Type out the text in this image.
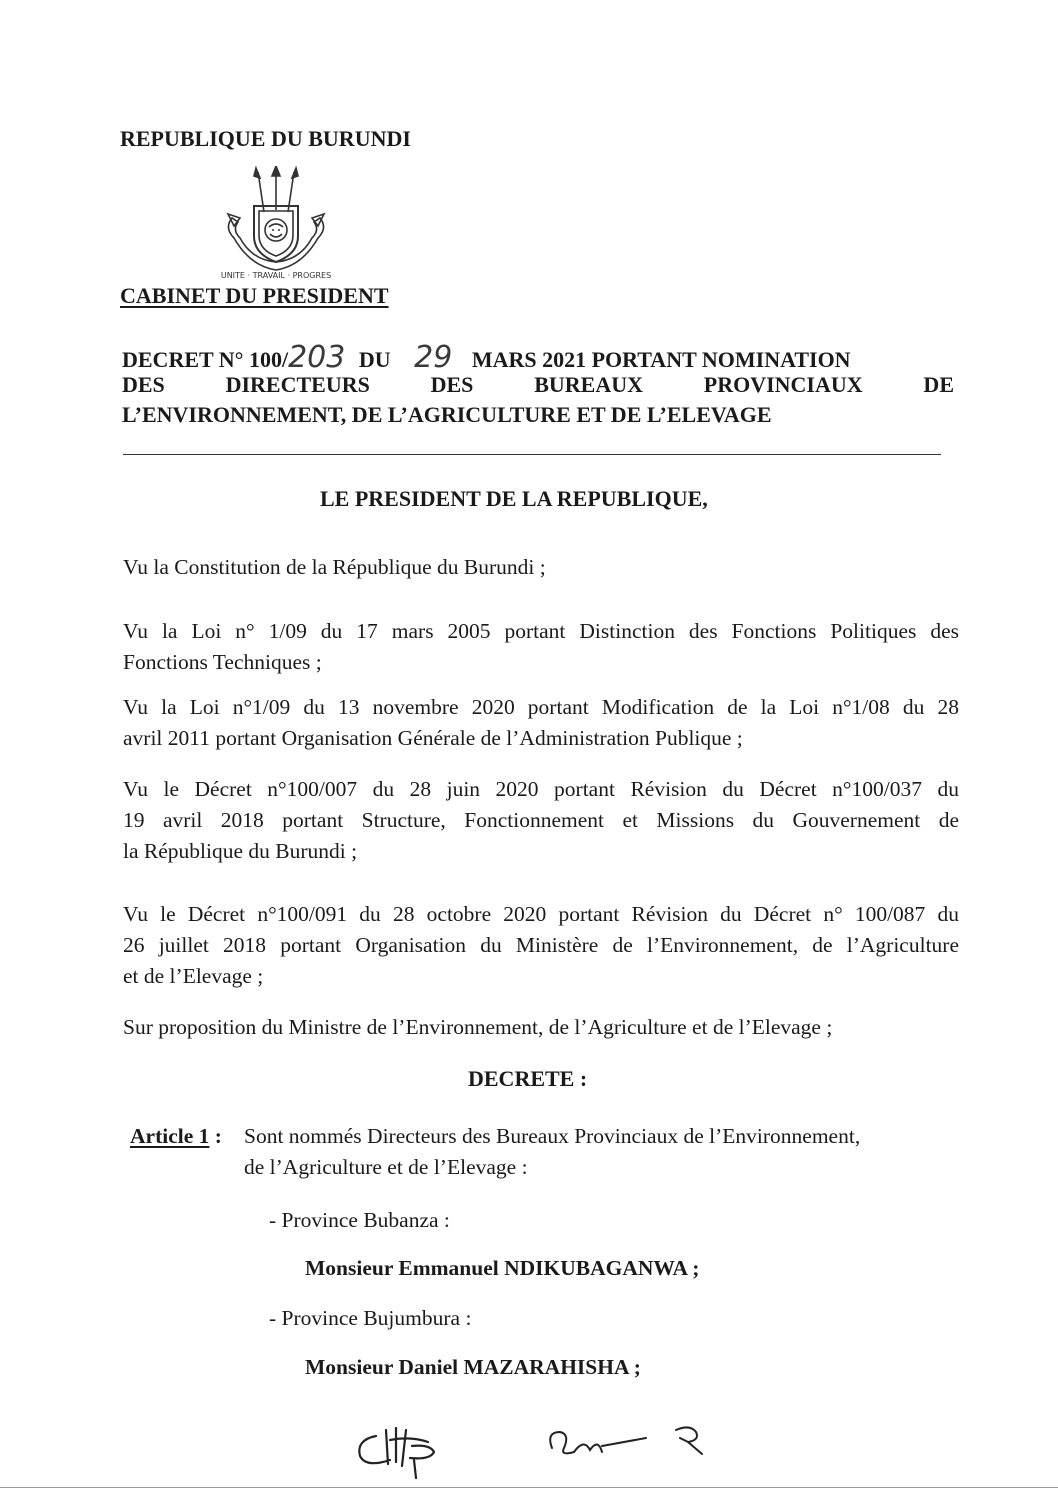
REPUBLIQUE DU BURUNDI
UNITE · TRAVAIL · PROGRES
CABINET DU PRESIDENT
DECRET N° 100/203 DU 29 MARS 2021 PORTANT NOMINATION
DES DIRECTEURS DES BUREAUX PROVINCIAUX DE
L’ENVIRONNEMENT, DE L’AGRICULTURE ET DE L’ELEVAGE
LE PRESIDENT DE LA REPUBLIQUE,
Vu la Constitution de la République du Burundi ;
Vu la Loi n° 1/09 du 17 mars 2005 portant Distinction des Fonctions Politiques des
Fonctions Techniques ;
Vu la Loi n°1/09 du 13 novembre 2020 portant Modification de la Loi n°1/08 du 28
avril 2011 portant Organisation Générale de l’Administration Publique ;
Vu le Décret n°100/007 du 28 juin 2020 portant Révision du Décret n°100/037 du
19 avril 2018 portant Structure, Fonctionnement et Missions du Gouvernement de
la République du Burundi ;
Vu le Décret n°100/091 du 28 octobre 2020 portant Révision du Décret n° 100/087 du
26 juillet 2018 portant Organisation du Ministère de l’Environnement, de l’Agriculture
et de l’Elevage ;
Sur proposition du Ministre de l’Environnement, de l’Agriculture et de l’Elevage ;
DECRETE :
Article 1 : Sont nommés Directeurs des Bureaux Provinciaux de l’Environnement,
de l’Agriculture et de l’Elevage :
- Province Bubanza :
Monsieur Emmanuel NDIKUBAGANWA ;
- Province Bujumbura :
Monsieur Daniel MAZARAHISHA ;
